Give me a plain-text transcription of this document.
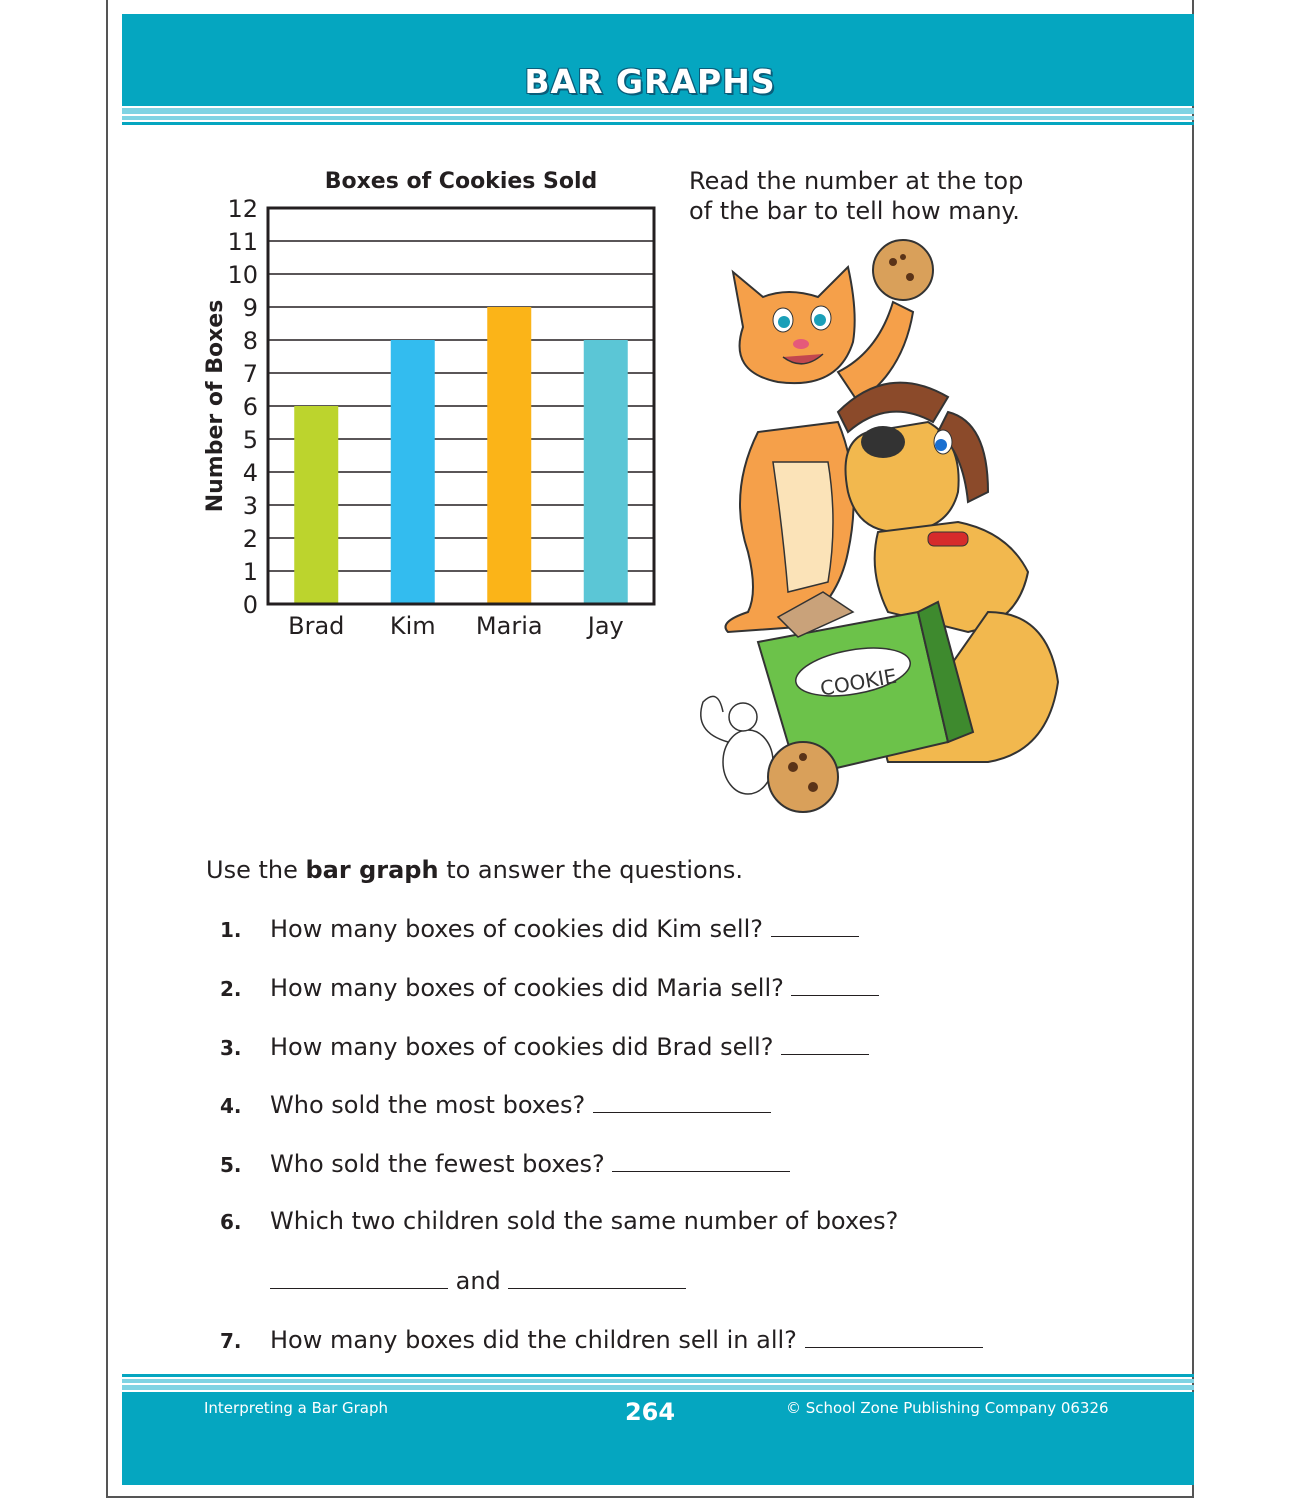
BAR GRAPHS
Boxes of Cookies Sold
Number of Boxes
0
1
2
3
4
5
6
7
8
9
10
11
12
Brad Kim Maria Jay
Read the number at the top
of the bar to tell how many.
COOKIE
Use the bar graph to answer the questions.
1. How many boxes of cookies did Kim sell?
2. How many boxes of cookies did Maria sell?
3. How many boxes of cookies did Brad sell?
4. Who sold the most boxes?
5. Who sold the fewest boxes?
6. Which two children sold the same number of boxes?
and
7. How many boxes did the children sell in all?
Interpreting a Bar Graph	264	© School Zone Publishing Company 06326
